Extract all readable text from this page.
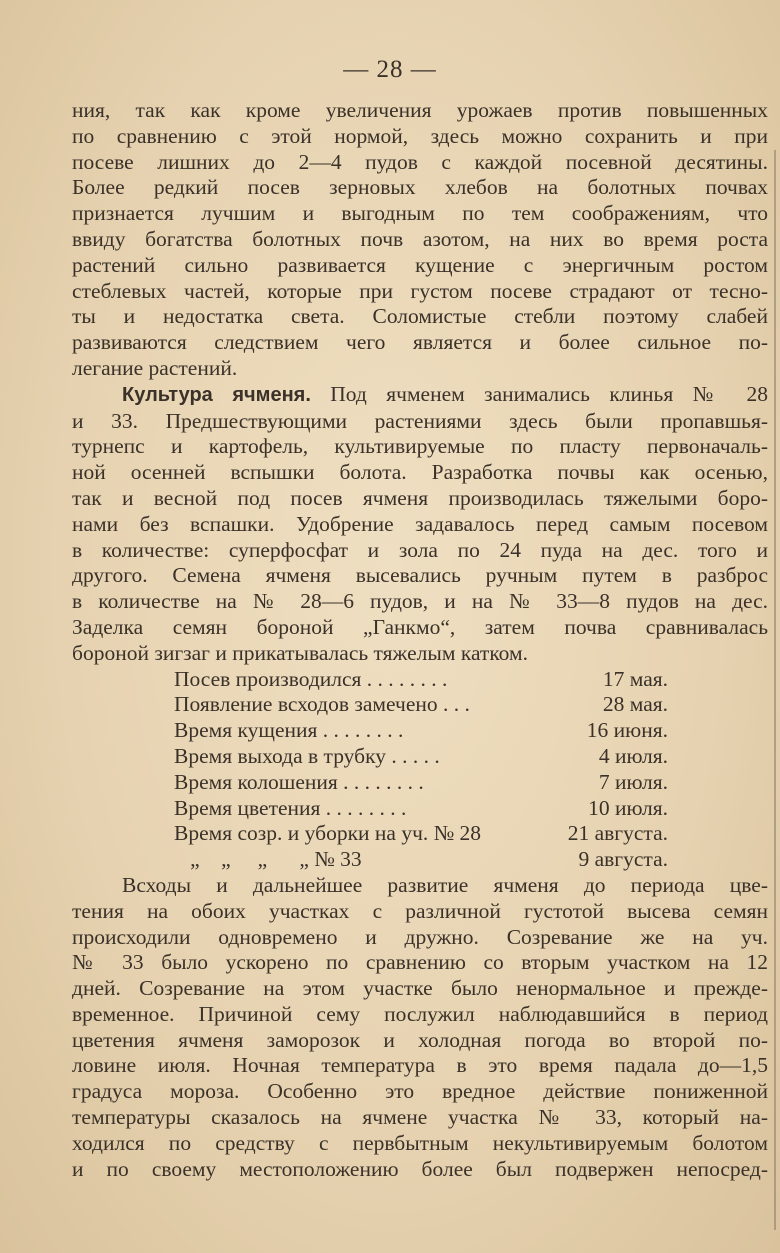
— 28 —

ния, так как кроме увеличения урожаев против повышенных

по сравнению с этой нормой, здесь можно сохранить и при

посеве лишних до 2—4 пудов с каждой посевной десятины.

Более редкий посев зерновых хлебов на болотных почвах

признается лучшим и выгодным по тем соображениям, что

ввиду богатства болотных почв азотом, на них во время роста

растений сильно развивается кущение с энергичным ростом

стеблевых частей, которые при густом посеве страдают от тесно-

ты и недостатка света. Соломистые стебли поэтому слабей

развиваются следствием чего является и более сильное по-

легание растений.

Культура ячменя. Под ячменем занимались клинья № 28

и 33. Предшествующими растениями здесь были пропавшья-

турнепс и картофель, культивируемые по пласту первоначаль-

ной осенней вспышки болота. Разработка почвы как осенью,

так и весной под посев ячменя производилась тяжелыми боро-

нами без вспашки. Удобрение задавалось перед самым посевом

в количестве: суперфосфат и зола по 24 пуда на дес. того и

другого. Семена ячменя высевались ручным путем в разброс

в количестве на № 28—6 пудов, и на № 33—8 пудов на дес.

Заделка семян бороной „Ганкмо“, затем почва сравнивалась

бороной зигзаг и прикатывалась тяжелым катком.

Посев производился . . . . . . . .	17 мая.
Появление всходов замечено . . .	28 мая.
Время кущения . . . . . . . .	16 июня.
Время выхода в трубку . . . . .	4 июля.
Время колошения . . . . . . . .	7 июля.
Время цветения . . . . . . . .	10 июля.
Время созр. и уборки на уч. № 28	21 августа.
„    „     „      „ № 33	9 августа.

Всходы и дальнейшее развитие ячменя до периода цве-

тения на обоих участках с различной густотой высева семян

происходили одновремено и дружно. Созревание же на уч.

№ 33 было ускорено по сравнению со вторым участком на 12

дней. Созревание на этом участке было ненормальное и прежде-

временное. Причиной сему послужил наблюдавшийся в период

цветения ячменя заморозок и холодная погода во второй по-

ловине июля. Ночная температура в это время падала до—1,5

градуса мороза. Особенно это вредное действие пониженной

температуры сказалось на ячмене участка № 33, который на-

ходился по средству с первбытным некультивируемым болотом

и по своему местоположению более был подвержен непосред-
